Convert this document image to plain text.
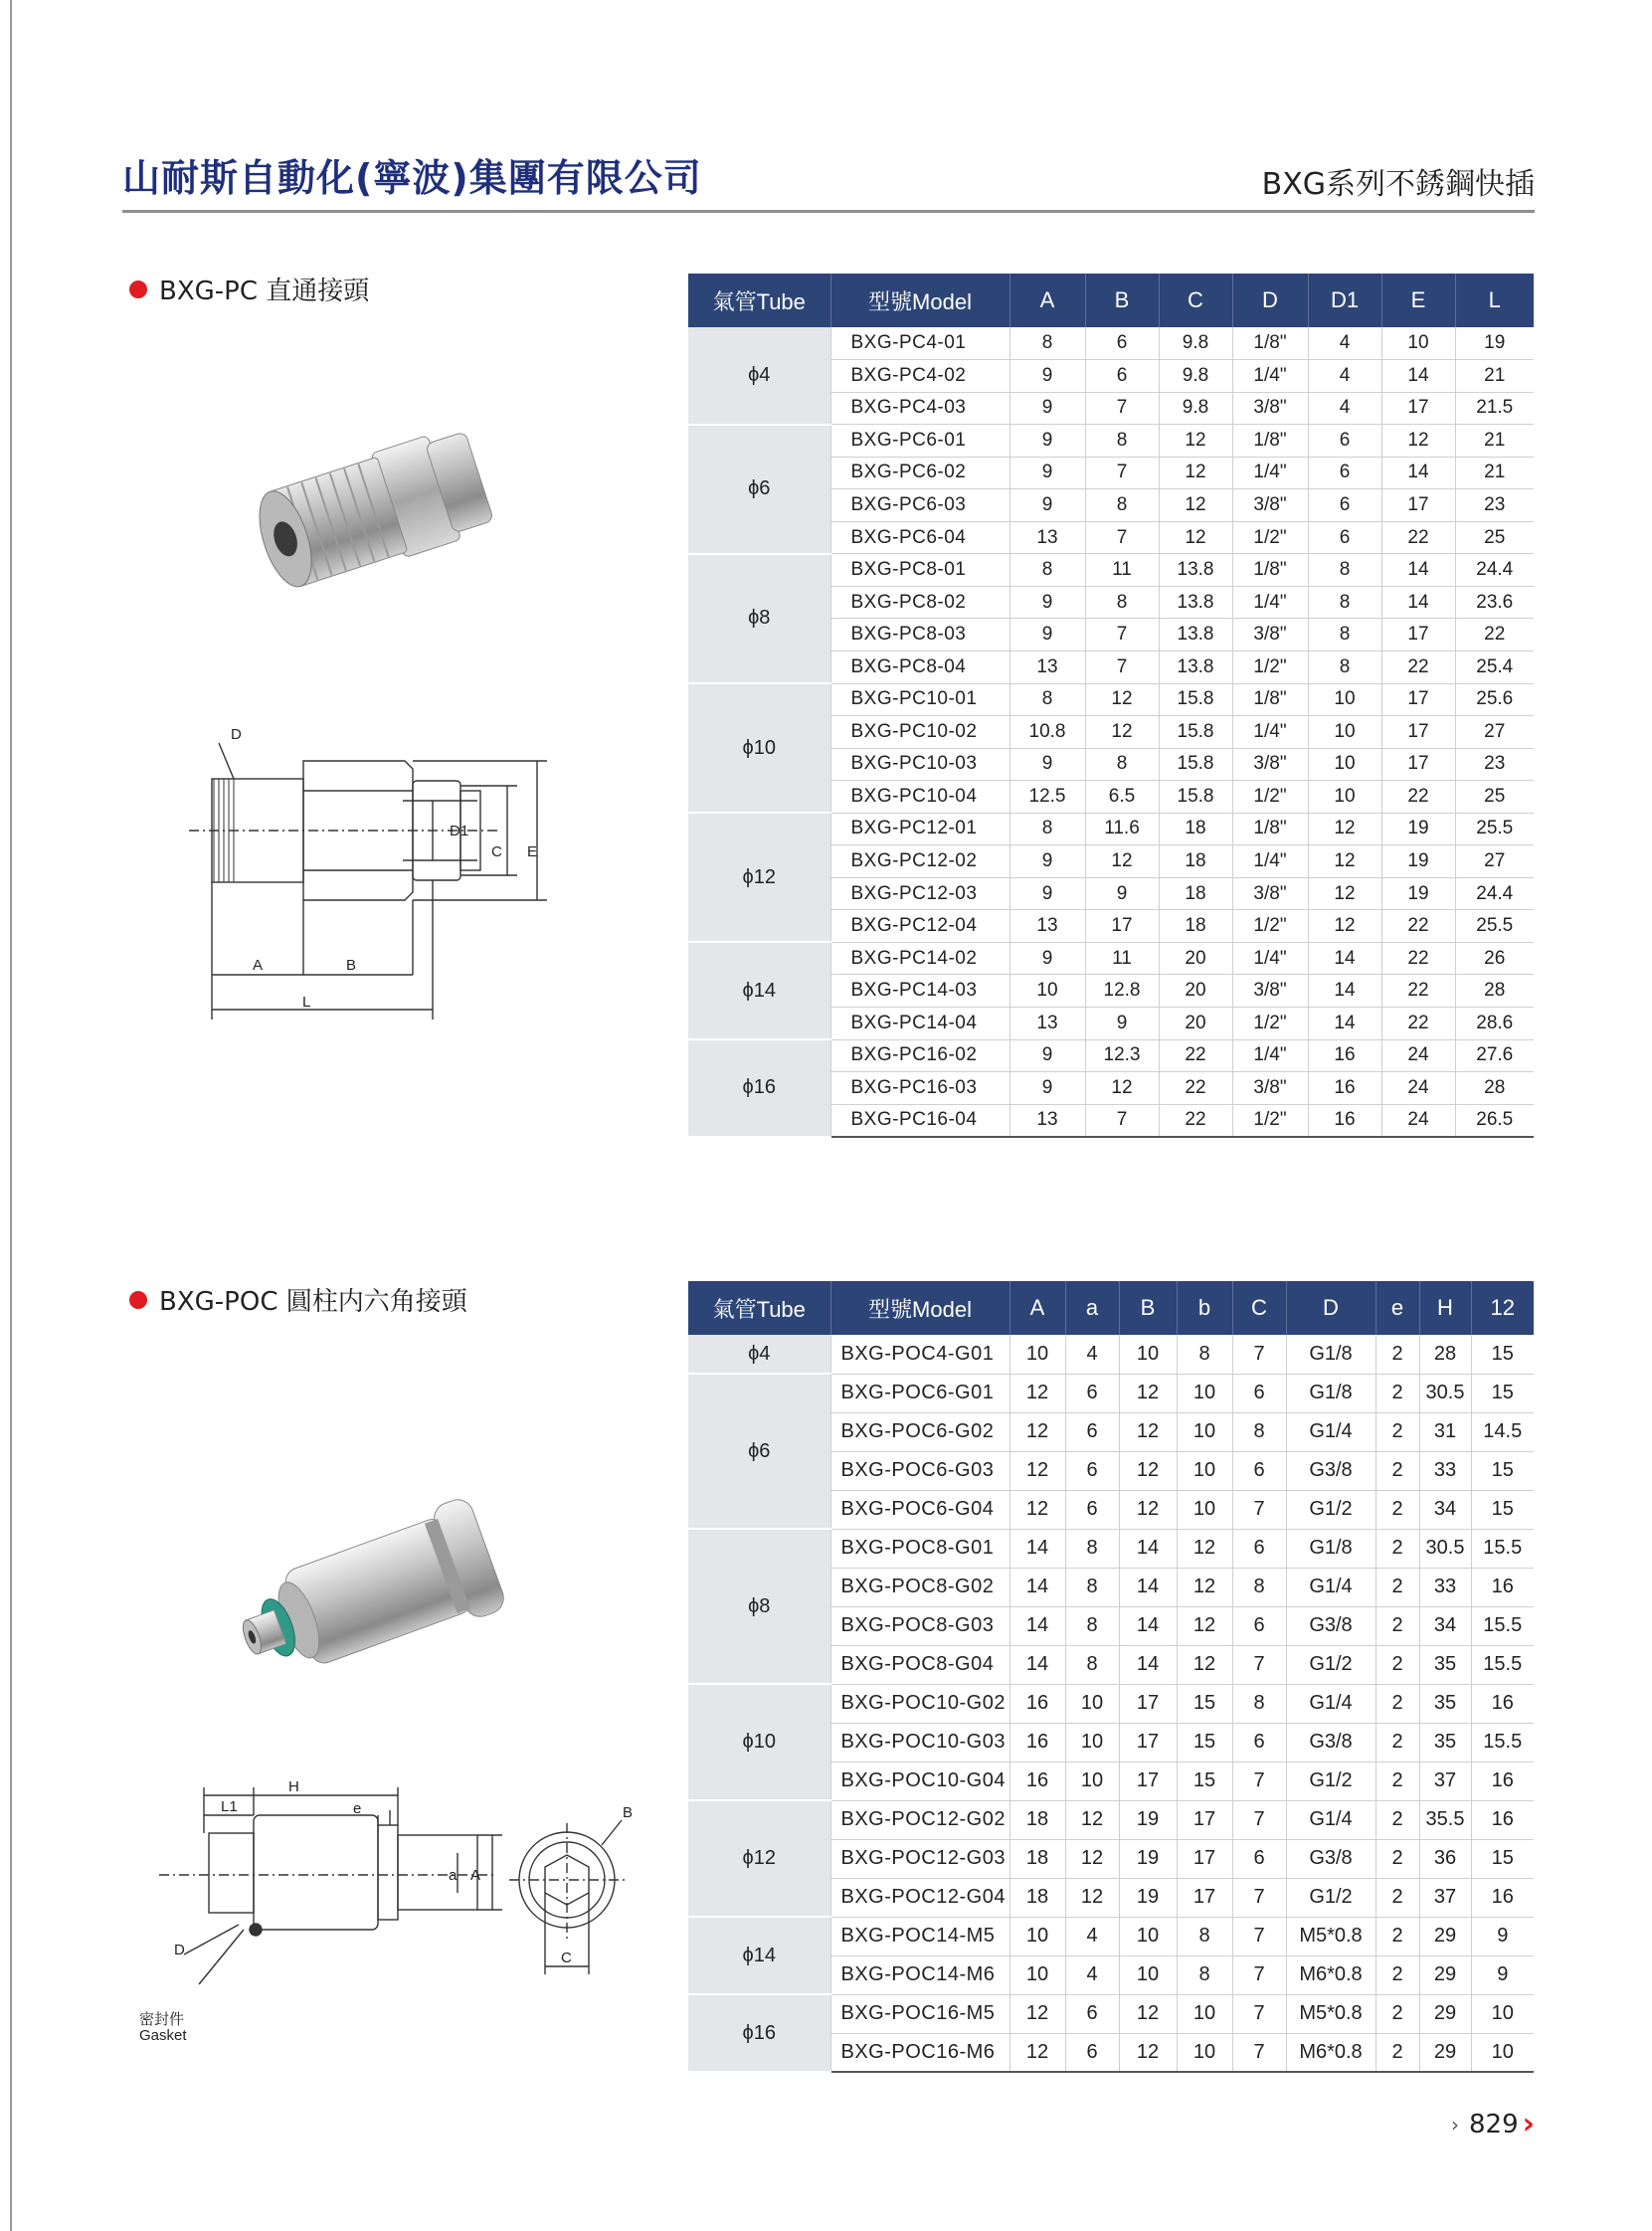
山耐斯自動化(寧波)集團有限公司	BXG系列不銹鋼快插
BXG-PC 直通接頭
D
D1
C E
A	B
L
氣管Tube	型號Model	A	B	C	D	D1	E	L
ϕ4	BXG-PC4-01	8	6	9.8	1/8"	4	10	19
	BXG-PC4-02	9	6	9.8	1/4"	4	14	21
	BXG-PC4-03	9	7	9.8	3/8"	4	17	21.5
ϕ6	BXG-PC6-01	9	8	12	1/8"	6	12	21
	BXG-PC6-02	9	7	12	1/4"	6	14	21
	BXG-PC6-03	9	8	12	3/8"	6	17	23
	BXG-PC6-04	13	7	12	1/2"	6	22	25
ϕ8	BXG-PC8-01	8	11	13.8	1/8"	8	14	24.4
	BXG-PC8-02	9	8	13.8	1/4"	8	14	23.6
	BXG-PC8-03	9	7	13.8	3/8"	8	17	22
	BXG-PC8-04	13	7	13.8	1/2"	8	22	25.4
ϕ10	BXG-PC10-01	8	12	15.8	1/8"	10	17	25.6
	BXG-PC10-02	10.8	12	15.8	1/4"	10	17	27
	BXG-PC10-03	9	8	15.8	3/8"	10	17	23
	BXG-PC10-04	12.5	6.5	15.8	1/2"	10	22	25
ϕ12	BXG-PC12-01	8	11.6	18	1/8"	12	19	25.5
	BXG-PC12-02	9	12	18	1/4"	12	19	27
	BXG-PC12-03	9	9	18	3/8"	12	19	24.4
	BXG-PC12-04	13	17	18	1/2"	12	22	25.5
ϕ14	BXG-PC14-02	9	11	20	1/4"	14	22	26
	BXG-PC14-03	10	12.8	20	3/8"	14	22	28
	BXG-PC14-04	13	9	20	1/2"	14	22	28.6
ϕ16	BXG-PC16-02	9	12.3	22	1/4"	16	24	27.6
	BXG-PC16-03	9	12	22	3/8"	16	24	28
	BXG-PC16-04	13	7	22	1/2"	16	24	26.5
BXG-POC 圓柱内六角接頭
H
L1	e	B
a A
D	C
密封件
Gasket
氣管Tube	型號Model	A	a	B	b	C	D	e	H	12
ϕ4	BXG-POC4-G01	10	4	10	8	7	G1/8	2	28	15
ϕ6	BXG-POC6-G01	12	6	12	10	6	G1/8	2	30.5	15
	BXG-POC6-G02	12	6	12	10	8	G1/4	2	31	14.5
	BXG-POC6-G03	12	6	12	10	6	G3/8	2	33	15
	BXG-POC6-G04	12	6	12	10	7	G1/2	2	34	15
ϕ8	BXG-POC8-G01	14	8	14	12	6	G1/8	2	30.5	15.5
	BXG-POC8-G02	14	8	14	12	8	G1/4	2	33	16
	BXG-POC8-G03	14	8	14	12	6	G3/8	2	34	15.5
	BXG-POC8-G04	14	8	14	12	7	G1/2	2	35	15.5
ϕ10	BXG-POC10-G02	16	10	17	15	8	G1/4	2	35	16
	BXG-POC10-G03	16	10	17	15	6	G3/8	2	35	15.5
	BXG-POC10-G04	16	10	17	15	7	G1/2	2	37	16
ϕ12	BXG-POC12-G02	18	12	19	17	7	G1/4	2	35.5	16
	BXG-POC12-G03	18	12	19	17	6	G3/8	2	36	15
	BXG-POC12-G04	18	12	19	17	7	G1/2	2	37	16
ϕ14	BXG-POC14-M5	10	4	10	8	7	M5*0.8	2	29	9
	BXG-POC14-M6	10	4	10	8	7	M6*0.8	2	29	9
ϕ16	BXG-POC16-M5	12	6	12	10	7	M5*0.8	2	29	10
	BXG-POC16-M6	12	6	12	10	7	M6*0.8	2	29	10
› 829 ›
